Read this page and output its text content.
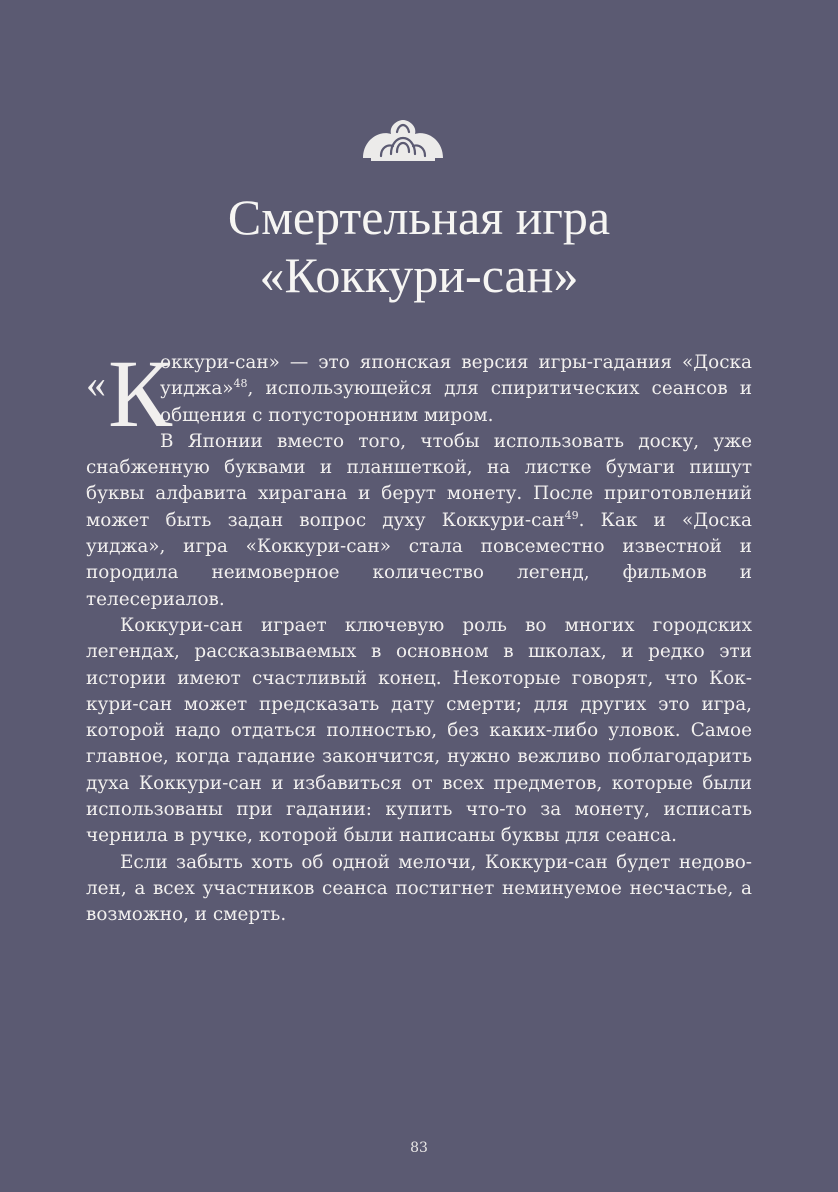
Смертельная игра
«Коккури-сан»

« К
оккури-сан» — это японская версия игры-гадания «Доска уиджа»$^{48}$, использующейся для спиритических сеансов и общения с потусторонним миром.

В Японии вместо того, чтобы использовать доску, уже снабженную буквами и планшеткой, на листке бумаги пишут буквы алфавита хирагана и берут монету. После приготовлений может быть задан вопрос духу Коккури-сан$^{49}$. Как и «Доска уиджа», игра «Коккури-сан» стала повсеместно известной и породила неимоверное количество легенд, фильмов и телесериалов.

Коккури-сан играет ключевую роль во многих городских легендах, рассказываемых в основном в школах, и редко эти истории имеют счастливый конец. Некоторые говорят, что Коккури-сан может предсказать дату смерти; для других это игра, которой надо отдаться полностью, без каких-либо уловок. Самое главное, когда гадание закончится, нужно вежливо поблагодарить духа Коккури-сан и избавиться от всех предметов, которые были использованы при гадании: купить что-то за монету, исписать чернила в ручке, которой были написаны буквы для сеанса.

Если забыть хоть об одной мелочи, Коккури-сан будет недоволен, а всех участников сеанса постигнет неминуемое несчастье, а возможно, и смерть.

83
